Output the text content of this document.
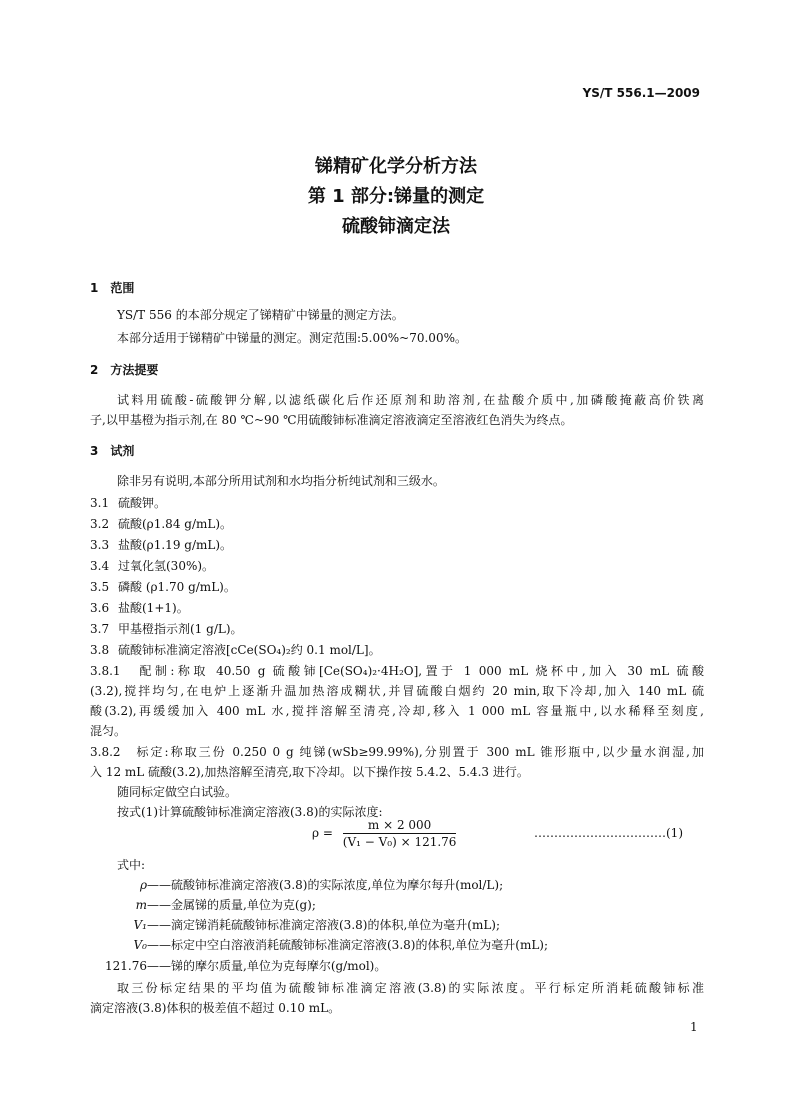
YS/T 556.1—2009
锑精矿化学分析方法
第 1 部分:锑量的测定
硫酸铈滴定法
1　范围
YS/T 556 的本部分规定了锑精矿中锑量的测定方法。
本部分适用于锑精矿中锑量的测定。测定范围:5.00%~70.00%。
2　方法提要
试料用硫酸-硫酸钾分解,以滤纸碳化后作还原剂和助溶剂,在盐酸介质中,加磷酸掩蔽高价铁离
子,以甲基橙为指示剂,在 80 ℃~90 ℃用硫酸铈标准滴定溶液滴定至溶液红色消失为终点。
3　试剂
除非另有说明,本部分所用试剂和水均指分析纯试剂和三级水。
3.1 硫酸钾。
3.2 硫酸(ρ1.84 g/mL)。
3.3 盐酸(ρ1.19 g/mL)。
3.4 过氧化氢(30%)。
3.5 磷酸 (ρ1.70 g/mL)。
3.6 盐酸(1+1)。
3.7 甲基橙指示剂(1 g/L)。
3.8 硫酸铈标准滴定溶液[cCe(SO₄)₂约 0.1 mol/L]。
3.8.1　配制:称取 40.50 g 硫酸铈[Ce(SO₄)₂·4H₂O],置于 1 000 mL 烧杯中,加入 30 mL 硫酸
(3.2),搅拌均匀,在电炉上逐渐升温加热溶成糊状,并冒硫酸白烟约 20 min,取下冷却,加入 140 mL 硫
酸(3.2),再缓缓加入 400 mL 水,搅拌溶解至清亮,冷却,移入 1 000 mL 容量瓶中,以水稀释至刻度,
混匀。
3.8.2　标定:称取三份 0.250 0 g 纯锑(wSb≥99.99%),分别置于 300 mL 锥形瓶中,以少量水润湿,加
入 12 mL 硫酸(3.2),加热溶解至清亮,取下冷却。以下操作按 5.4.2、5.4.3 进行。
随同标定做空白试验。
按式(1)计算硫酸铈标准滴定溶液(3.8)的实际浓度:
$\rho = \frac{m \times 2 000}{\text{(V₁ − V₀) × 121.76}}$	……………………………(1)
式中:
ρ——硫酸铈标准滴定溶液(3.8)的实际浓度,单位为摩尔每升(mol/L);
m——金属锑的质量,单位为克(g);
V₁——滴定锑消耗硫酸铈标准滴定溶液(3.8)的体积,单位为毫升(mL);
V₀——标定中空白溶液消耗硫酸铈标准滴定溶液(3.8)的体积,单位为毫升(mL);
121.76——锑的摩尔质量,单位为克每摩尔(g/mol)。
取三份标定结果的平均值为硫酸铈标准滴定溶液(3.8)的实际浓度。平行标定所消耗硫酸铈标准
滴定溶液(3.8)体积的极差值不超过 0.10 mL。
1
